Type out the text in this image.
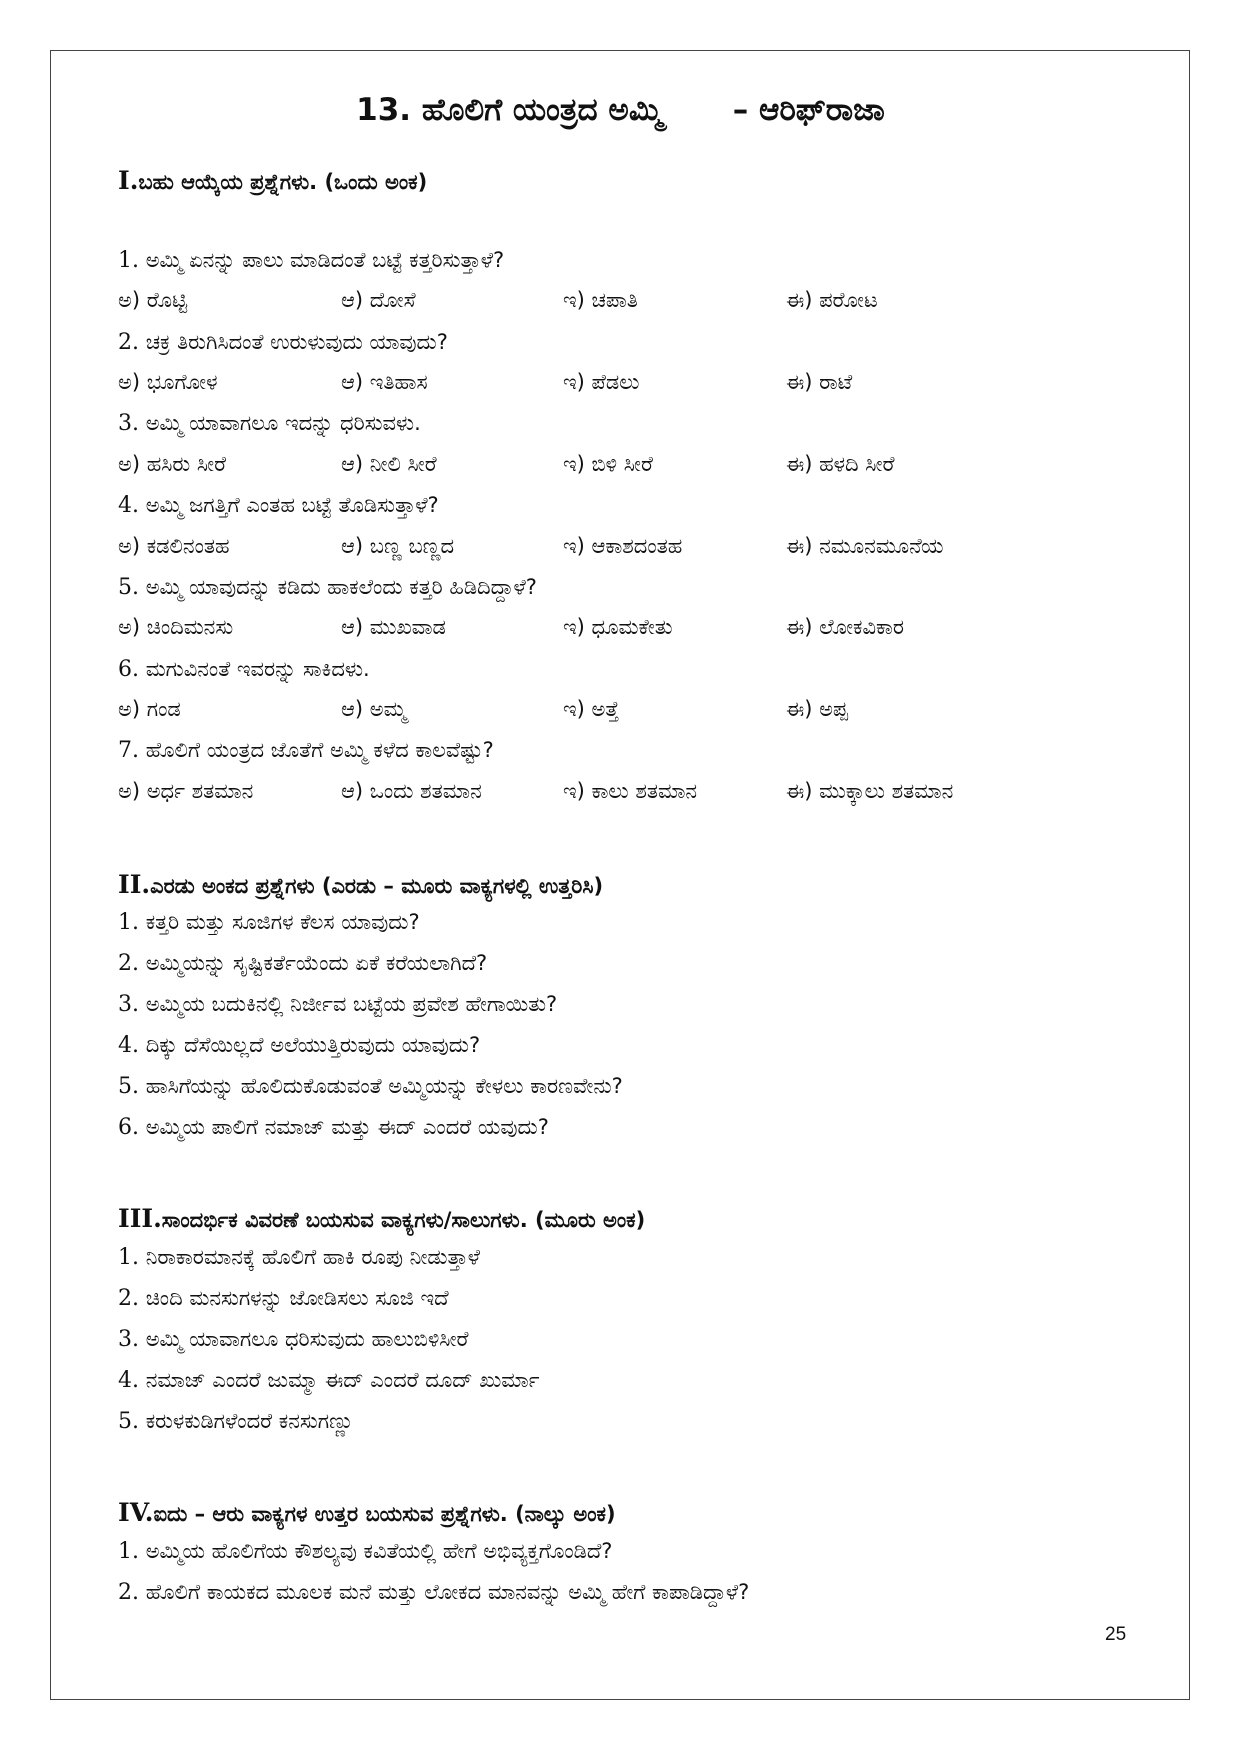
13. ಹೊಲಿಗೆ ಯಂತ್ರದ ಅಮ್ಮಿ – ಆರಿಫ್‌ರಾಜಾ
I.ಬಹು ಆಯ್ಕೆಯ ಪ್ರಶ್ನೆಗಳು. (ಒಂದು ಅಂಕ)
1. ಅಮ್ಮಿ ಏನನ್ನು ಪಾಲು ಮಾಡಿದಂತೆ ಬಟ್ಟೆ ಕತ್ತರಿಸುತ್ತಾಳೆ?
ಅ) ರೊಟ್ಟಿ	ಆ) ದೋಸೆ	ಇ) ಚಪಾತಿ	ಈ) ಪರೋಟ
2. ಚಕ್ರ ತಿರುಗಿಸಿದಂತೆ ಉರುಳುವುದು ಯಾವುದು?
ಅ) ಭೂಗೋಳ	ಆ) ಇತಿಹಾಸ	ಇ) ಪೆಡಲು	ಈ) ರಾಟೆ
3. ಅಮ್ಮಿ ಯಾವಾಗಲೂ ಇದನ್ನು ಧರಿಸುವಳು.
ಅ) ಹಸಿರು ಸೀರೆ	ಆ) ನೀಲಿ ಸೀರೆ	ಇ) ಬಿಳಿ ಸೀರೆ	ಈ) ಹಳದಿ ಸೀರೆ
4. ಅಮ್ಮಿ ಜಗತ್ತಿಗೆ ಎಂತಹ ಬಟ್ಟೆ ತೊಡಿಸುತ್ತಾಳೆ?
ಅ) ಕಡಲಿನಂತಹ	ಆ) ಬಣ್ಣ ಬಣ್ಣದ	ಇ) ಆಕಾಶದಂತಹ	ಈ) ನಮೂನಮೂನೆಯ
5. ಅಮ್ಮಿ ಯಾವುದನ್ನು ಕಡಿದು ಹಾಕಲೆಂದು ಕತ್ತರಿ ಹಿಡಿದಿದ್ದಾಳೆ?
ಅ) ಚಿಂದಿಮನಸು	ಆ) ಮುಖವಾಡ	ಇ) ಧೂಮಕೇತು	ಈ) ಲೋಕವಿಕಾರ
6. ಮಗುವಿನಂತೆ ಇವರನ್ನು ಸಾಕಿದಳು.
ಅ) ಗಂಡ	ಆ) ಅಮ್ಮ	ಇ) ಅತ್ತೆ	ಈ) ಅಪ್ಪ
7. ಹೊಲಿಗೆ ಯಂತ್ರದ ಜೊತೆಗೆ ಅಮ್ಮಿ ಕಳೆದ ಕಾಲವೆಷ್ಟು?
ಅ) ಅರ್ಧ ಶತಮಾನ	ಆ) ಒಂದು ಶತಮಾನ	ಇ) ಕಾಲು ಶತಮಾನ	ಈ) ಮುಕ್ಕಾಲು ಶತಮಾನ
II.ಎರಡು ಅಂಕದ ಪ್ರಶ್ನೆಗಳು (ಎರಡು – ಮೂರು ವಾಕ್ಯಗಳಲ್ಲಿ ಉತ್ತರಿಸಿ)
1. ಕತ್ತರಿ ಮತ್ತು ಸೂಜಿಗಳ ಕೆಲಸ ಯಾವುದು?
2. ಅಮ್ಮಿಯನ್ನು ಸೃಷ್ಟಿಕರ್ತೆಯೆಂದು ಏಕೆ ಕರೆಯಲಾಗಿದೆ?
3. ಅಮ್ಮಿಯ ಬದುಕಿನಲ್ಲಿ ನಿರ್ಜೀವ ಬಟ್ಟೆಯ ಪ್ರವೇಶ ಹೇಗಾಯಿತು?
4. ದಿಕ್ಕು ದೆಸೆಯಿಲ್ಲದೆ ಅಲೆಯುತ್ತಿರುವುದು ಯಾವುದು?
5. ಹಾಸಿಗೆಯನ್ನು ಹೊಲಿದುಕೊಡುವಂತೆ ಅಮ್ಮಿಯನ್ನು ಕೇಳಲು ಕಾರಣವೇನು?
6. ಅಮ್ಮಿಯ ಪಾಲಿಗೆ ನಮಾಜ್ ಮತ್ತು ಈದ್ ಎಂದರೆ ಯವುದು?
III.ಸಾಂದರ್ಭಿಕ ವಿವರಣೆ ಬಯಸುವ ವಾಕ್ಯಗಳು/ಸಾಲುಗಳು. (ಮೂರು ಅಂಕ)
1. ನಿರಾಕಾರಮಾನಕ್ಕೆ ಹೊಲಿಗೆ ಹಾಕಿ ರೂಪು ನೀಡುತ್ತಾಳೆ
2. ಚಿಂದಿ ಮನಸುಗಳನ್ನು ಜೋಡಿಸಲು ಸೂಜಿ ಇದೆ
3. ಅಮ್ಮಿ ಯಾವಾಗಲೂ ಧರಿಸುವುದು ಹಾಲುಬಿಳಿಸೀರೆ
4. ನಮಾಜ್ ಎಂದರೆ ಜುಮ್ಮಾ ಈದ್ ಎಂದರೆ ದೂದ್ ಖುರ್ಮಾ
5. ಕರುಳಕುಡಿಗಳೆಂದರೆ ಕನಸುಗಣ್ಣು
IV.ಐದು – ಆರು ವಾಕ್ಯಗಳ ಉತ್ತರ ಬಯಸುವ ಪ್ರಶ್ನೆಗಳು. (ನಾಲ್ಕು ಅಂಕ)
1. ಅಮ್ಮಿಯ ಹೊಲಿಗೆಯ ಕೌಶಲ್ಯವು ಕವಿತೆಯಲ್ಲಿ ಹೇಗೆ ಅಭಿವ್ಯಕ್ತಗೊಂಡಿದೆ?
2. ಹೊಲಿಗೆ ಕಾಯಕದ ಮೂಲಕ ಮನೆ ಮತ್ತು ಲೋಕದ ಮಾನವನ್ನು ಅಮ್ಮಿ ಹೇಗೆ ಕಾಪಾಡಿದ್ದಾಳೆ?
25
